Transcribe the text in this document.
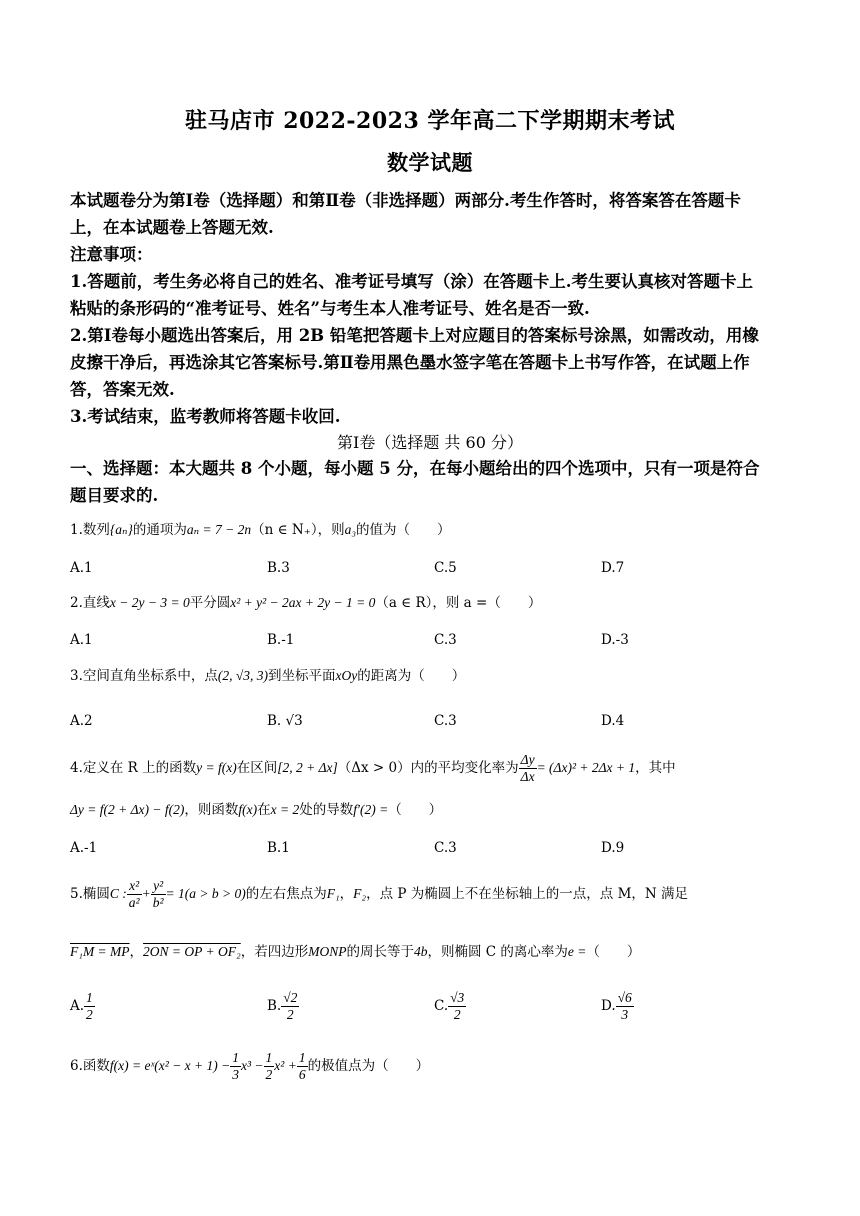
驻马店市 2022-2023 学年高二下学期期末考试
数学试题
本试题卷分为第Ⅰ卷（选择题）和第Ⅱ卷（非选择题）两部分.考生作答时，将答案答在答题卡
上，在本试题卷上答题无效.
注意事项：
1.答题前，考生务必将自己的姓名、准考证号填写（涂）在答题卡上.考生要认真核对答题卡上
粘贴的条形码的“准考证号、姓名”与考生本人准考证号、姓名是否一致.
2.第Ⅰ卷每小题选出答案后，用 2B 铅笔把答题卡上对应题目的答案标号涂黑，如需改动，用橡
皮擦干净后，再选涂其它答案标号.第Ⅱ卷用黑色墨水签字笔在答题卡上书写作答，在试题上作
答，答案无效.
3.考试结束，监考教师将答题卡收回.
第Ⅰ卷（选择题 共 60 分）
一、选择题：本大题共 8 个小题，每小题 5 分，在每小题给出的四个选项中，只有一项是符合
题目要求的.
1.数列{aₙ}的通项为aₙ = 7 − 2n（n ∈ N₊），则a₃的值为（　　）
A.1	B.3	C.5	D.7
2.直线x − 2y − 3 = 0平分圆x² + y² − 2ax + 2y − 1 = 0（a ∈ R），则 a =（　　）
A.1	B.-1	C.3	D.-3
3.空间直角坐标系中，点(2, √3, 3)到坐标平面xOy的距离为（　　）
A.2	B. √3	C.3	D.4
4.定义在 R 上的函数y = f(x)在区间[2, 2 + Δx]（Δx > 0）内的平均变化率为 $\frac{\Delta y}{\Delta x} = (\Delta x)^2 + 2\Delta x + 1$，其中
Δy = f(2 + Δx) − f(2)，则函数f(x)在x = 2处的导数f′(2) =（　　）
A.-1	B.1	C.3	D.9
5.椭圆C : $\frac{\text{x²}}{\text{a²}} + \frac{\text{y²}}{\text{b²}} = 1(a > b > 0)$的左右焦点为F₁，F₂，点 P 为椭圆上不在坐标轴上的一点，点 M，N 满足
F₁M = MP，2ON = OP + OF₂，若四边形MONP的周长等于4b，则椭圆 C 的离心率为e =（　　）
A. $\frac{1}{2}$	B. $\frac{√2}{2}$	C. $\frac{√3}{2}$	D. $\frac{√6}{3}$
6.函数f(x) = eˣ(x² − $x + 1) - \frac{1}{3} x^3 - \frac{1}{2} x^2 + \frac{1}{6}$ 的极值点为（　　）
